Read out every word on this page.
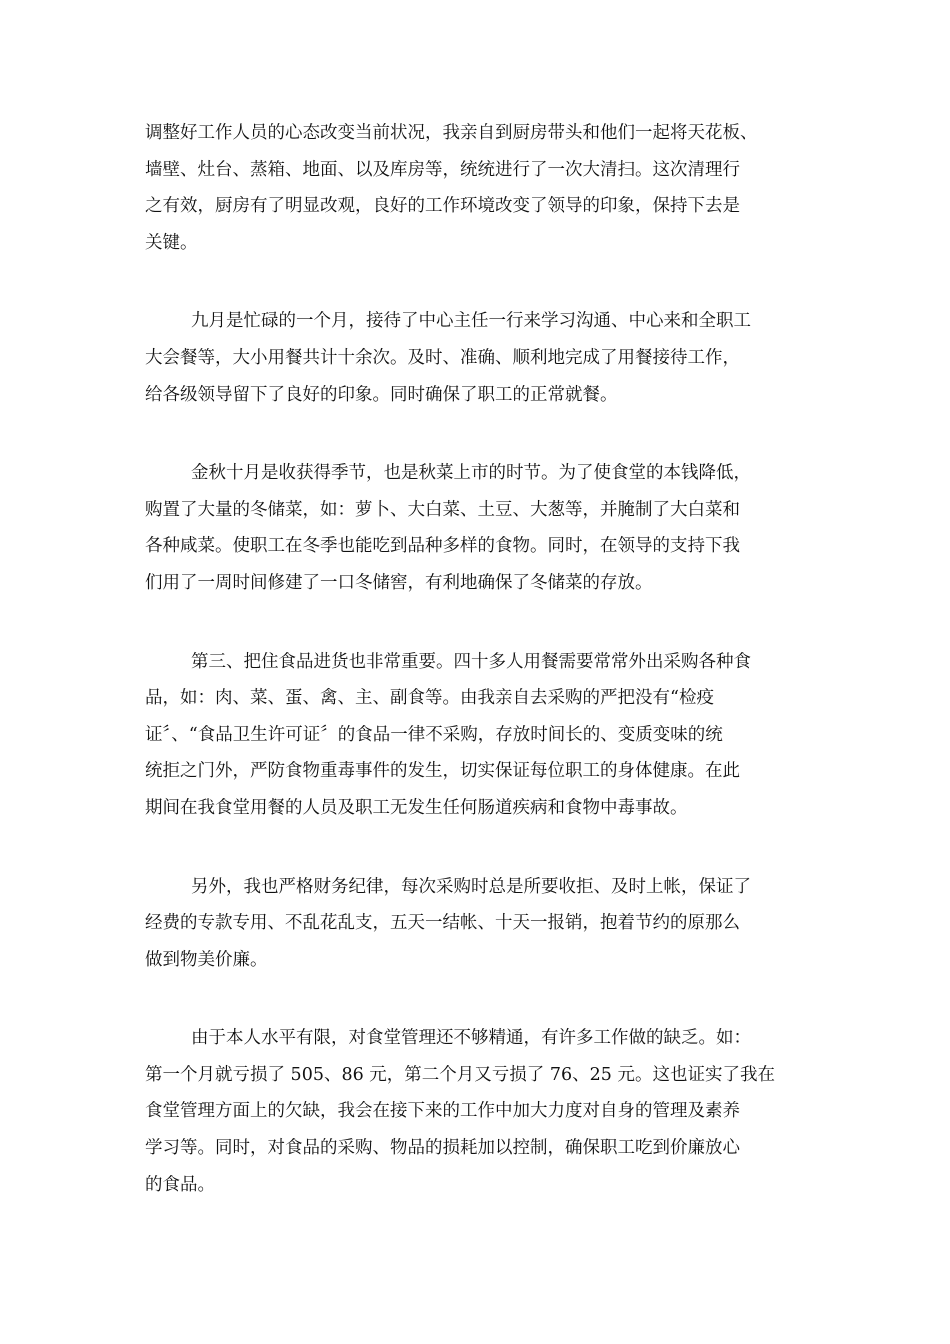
调整好工作人员的心态改变当前状况，我亲自到厨房带头和他们一起将天花板、
墙壁、灶台、蒸箱、地面、以及库房等，统统进行了一次大清扫。这次清理行
之有效，厨房有了明显改观，良好的工作环境改变了领导的印象，保持下去是
关键。

九月是忙碌的一个月，接待了中心主任一行来学习沟通、中心来和全职工
大会餐等，大小用餐共计十余次。及时、准确、顺利地完成了用餐接待工作，
给各级领导留下了良好的印象。同时确保了职工的正常就餐。

金秋十月是收获得季节，也是秋菜上市的时节。为了使食堂的本钱降低，
购置了大量的冬储菜，如：萝卜、大白菜、土豆、大葱等，并腌制了大白菜和
各种咸菜。使职工在冬季也能吃到品种多样的食物。同时，在领导的支持下我
们用了一周时间修建了一口冬储窖，有利地确保了冬储菜的存放。

第三、把住食品进货也非常重要。四十多人用餐需要常常外出采购各种食
品，如：肉、菜、蛋、禽、主、副食等。由我亲自去采购的严把没有“检疫
证〞、“食品卫生许可证〞的食品一律不采购，存放时间长的、变质变味的统
统拒之门外，严防食物重毒事件的发生，切实保证每位职工的身体健康。在此
期间在我食堂用餐的人员及职工无发生任何肠道疾病和食物中毒事故。

另外，我也严格财务纪律，每次采购时总是所要收拒、及时上帐，保证了
经费的专款专用、不乱花乱支，五天一结帐、十天一报销，抱着节约的原那么
做到物美价廉。

由于本人水平有限，对食堂管理还不够精通，有许多工作做的缺乏。如：
第一个月就亏损了 505、86 元，第二个月又亏损了 76、25 元。这也证实了我在
食堂管理方面上的欠缺，我会在接下来的工作中加大力度对自身的管理及素养
学习等。同时，对食品的采购、物品的损耗加以控制，确保职工吃到价廉放心
的食品。
